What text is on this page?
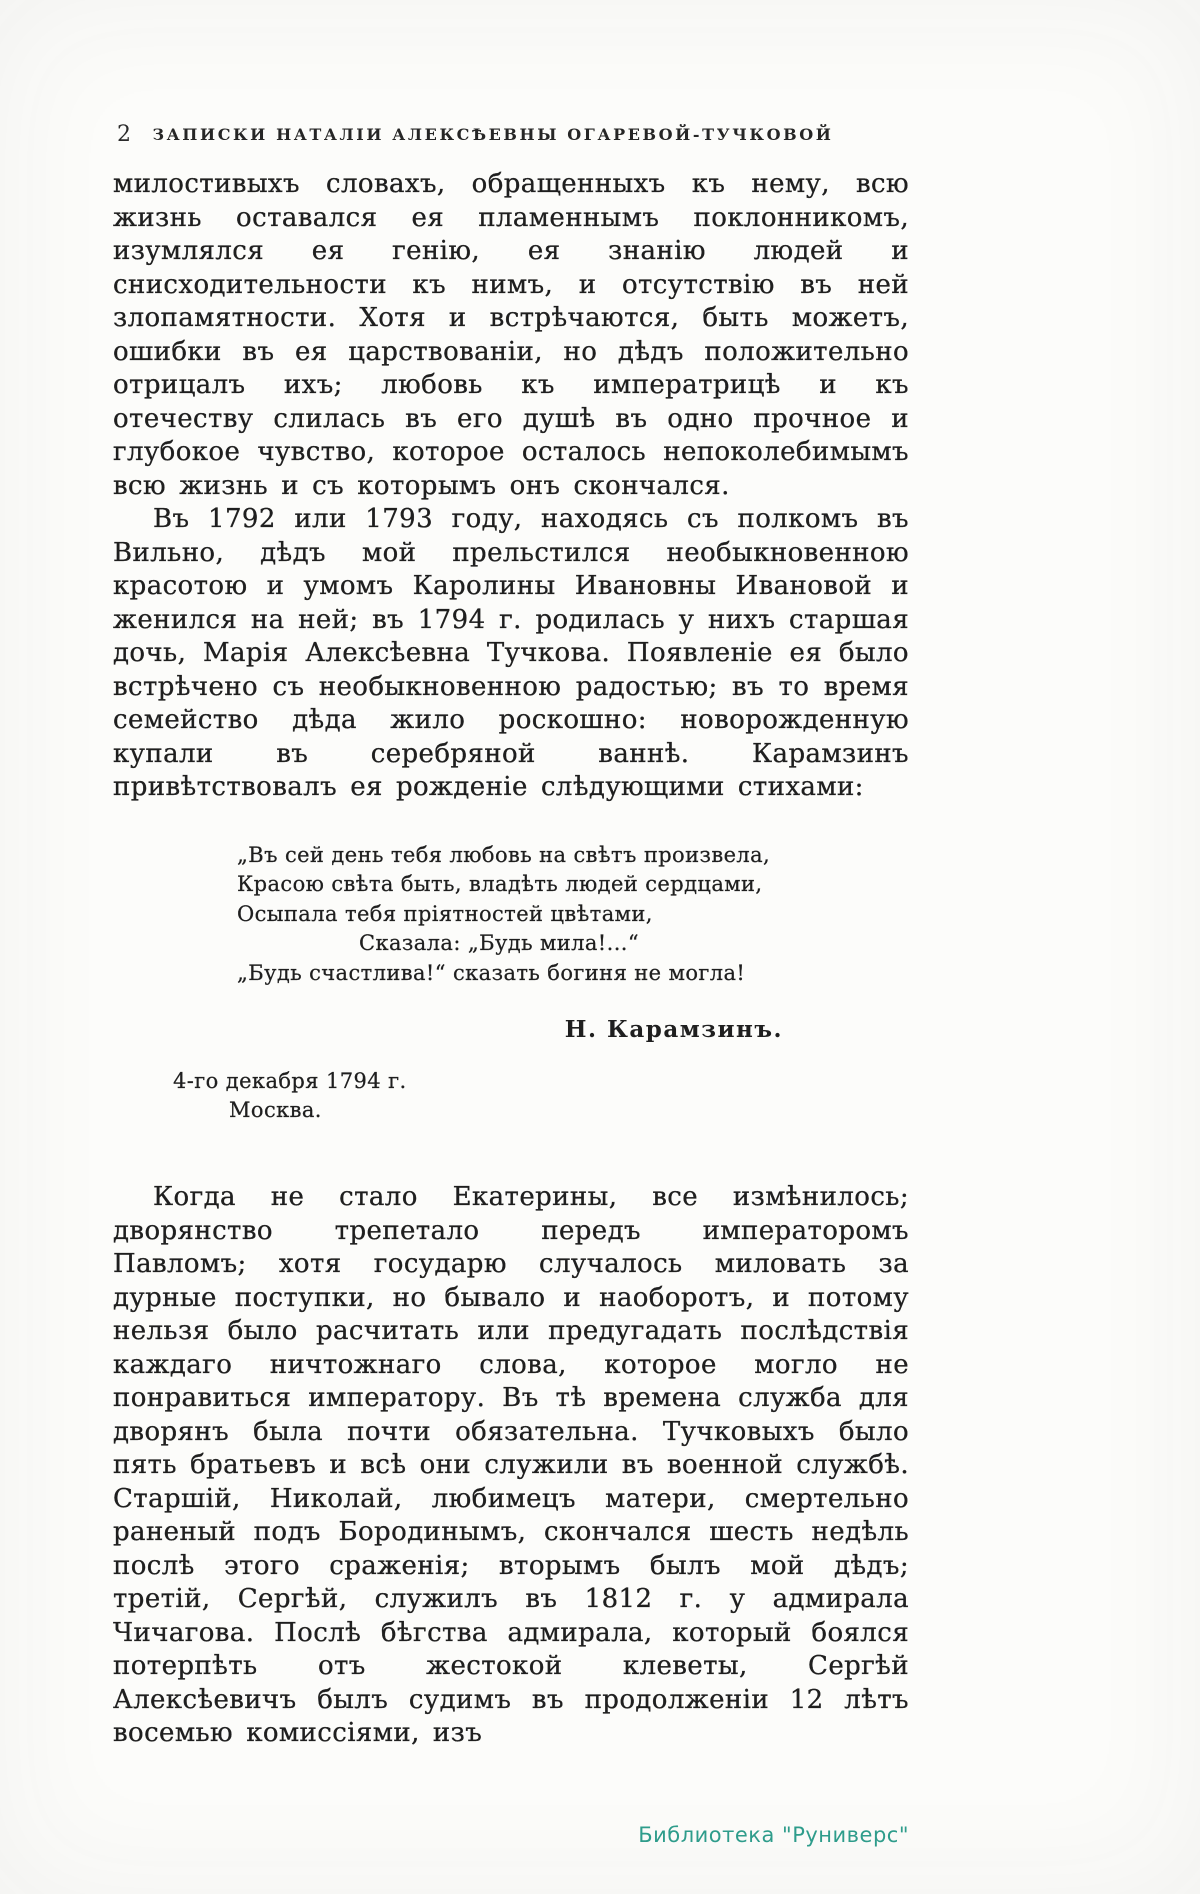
2	ЗАПИСКИ НАТАЛІИ АЛЕКСѢЕВНЫ ОГАРЕВОЙ-ТУЧКОВОЙ

милостивыхъ словахъ, обращенныхъ къ нему, всю жизнь оставался ея пламеннымъ поклонникомъ, изумлялся ея генію, ея знанію людей и снисходительности къ нимъ, и отсутствію въ ней злопамятности. Хотя и встрѣчаются, быть можетъ, ошибки въ ея царствованіи, но дѣдъ положительно отрицалъ ихъ; любовь къ императрицѣ и къ отечеству слилась въ его душѣ въ одно прочное и глубокое чувство, которое осталось непоколебимымъ всю жизнь и съ которымъ онъ скончался.

Въ 1792 или 1793 году, находясь съ полкомъ въ Вильно, дѣдъ мой прельстился необыкновенною красотою и умомъ Каролины Ивановны Ивановой и женился на ней; въ 1794 г. родилась у нихъ старшая дочь, Марія Алексѣевна Тучкова. Появленіе ея было встрѣчено съ необыкновенною радостью; въ то время семейство дѣда жило роскошно: новорожденную купали въ серебряной ваннѣ. Карамзинъ привѣтствовалъ ея рожденіе слѣдующими стихами:

„Въ сей день тебя любовь на свѣтъ произвела,
Красою свѣта быть, владѣть людей сердцами,
Осыпала тебя пріятностей цвѣтами,
Сказала: „Будь мила!...“
„Будь счастлива!“ сказать богиня не могла!
Н. Карамзинъ.
4-го декабря 1794 г.
Москва.

Когда не стало Екатерины, все измѣнилось; дворянство трепетало передъ императоромъ Павломъ; хотя государю случалось миловать за дурные поступки, но бывало и наоборотъ, и потому нельзя было расчитать или предугадать послѣдствія каждаго ничтожнаго слова, которое могло не понравиться императору. Въ тѣ времена служба для дворянъ была почти обязательна. Тучковыхъ было пять братьевъ и всѣ они служили въ военной службѣ. Старшій, Николай, любимецъ матери, смертельно раненый подъ Бородинымъ, скончался шесть недѣль послѣ этого сраженія; вторымъ былъ мой дѣдъ; третій, Сергѣй, служилъ въ 1812 г. у адмирала Чичагова. Послѣ бѣгства адмирала, который боялся потерпѣть отъ жестокой клеветы, Сергѣй Алексѣевичъ былъ судимъ въ продолженіи 12 лѣтъ восемью комиссіями, изъ

Библиотека "Руниверс"
